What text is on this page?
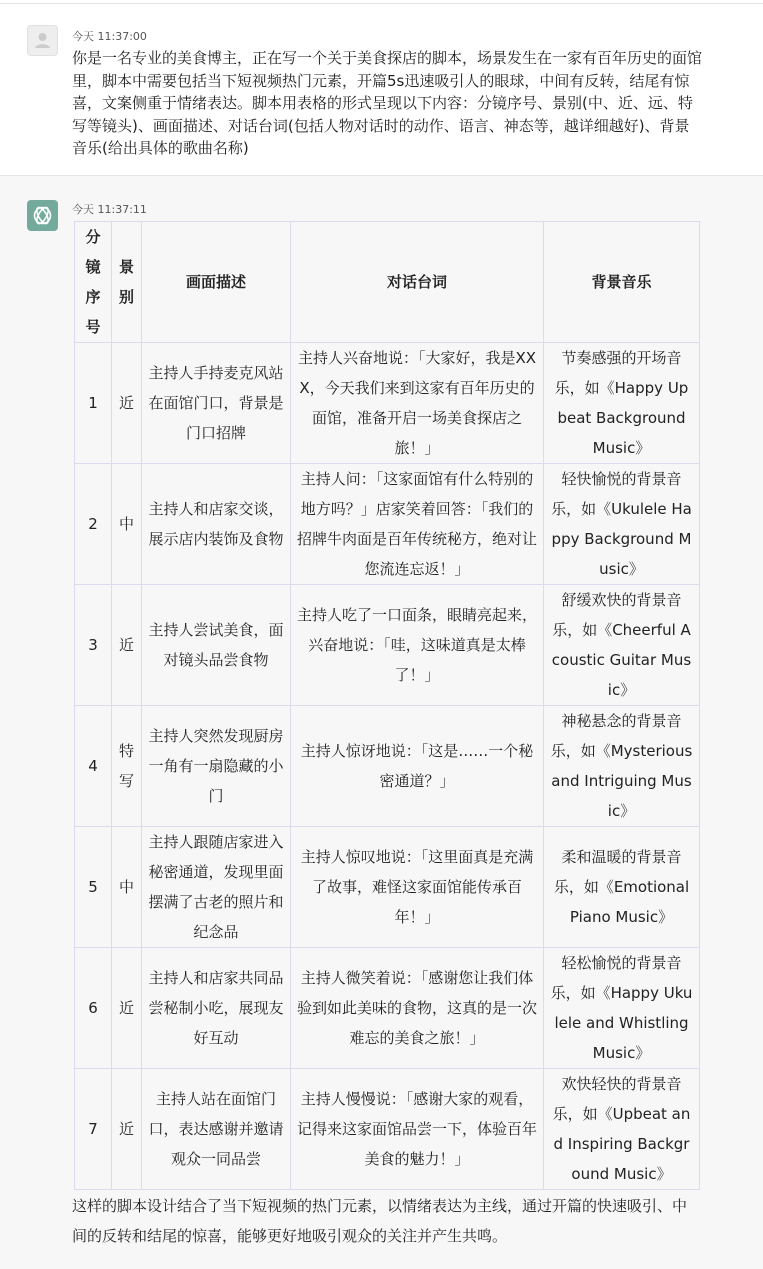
今天 11:37:00
你是一名专业的美食博主，正在写一个关于美食探店的脚本，场景发生在一家有百年历史的面馆里，脚本中需要包括当下短视频热门元素，开篇5s迅速吸引人的眼球，中间有反转，结尾有惊喜，文案侧重于情绪表达。脚本用表格的形式呈现以下内容：分镜序号、景别(中、近、远、特写等镜头)、画面描述、对话台词(包括人物对话时的动作、语言、神态等，越详细越好)、背景音乐(给出具体的歌曲名称)
今天 11:37:11
分镜序号	景别	画面描述	对话台词	背景音乐
1	近	主持人手持麦克风站在面馆门口，背景是门口招牌	主持人兴奋地说：「大家好，我是XXX，今天我们来到这家有百年历史的面馆，准备开启一场美食探店之旅！」	节奏感强的开场音乐，如《Happy Upbeat Background Music》
2	中	主持人和店家交谈，展示店内装饰及食物	主持人问：「这家面馆有什么特别的地方吗？」店家笑着回答：「我们的招牌牛肉面是百年传统秘方，绝对让您流连忘返！」	轻快愉悦的背景音乐，如《Ukulele Happy Background Music》
3	近	主持人尝试美食，面对镜头品尝食物	主持人吃了一口面条，眼睛亮起来，兴奋地说：「哇，这味道真是太棒了！」	舒缓欢快的背景音乐，如《Cheerful Acoustic Guitar Music》
4	特写	主持人突然发现厨房一角有一扇隐藏的小门	主持人惊讶地说：「这是……一个秘密通道？」	神秘悬念的背景音乐，如《Mysterious and Intriguing Music》
5	中	主持人跟随店家进入秘密通道，发现里面摆满了古老的照片和纪念品	主持人惊叹地说：「这里面真是充满了故事，难怪这家面馆能传承百年！」	柔和温暖的背景音乐，如《Emotional Piano Music》
6	近	主持人和店家共同品尝秘制小吃，展现友好互动	主持人微笑着说：「感谢您让我们体验到如此美味的食物，这真的是一次难忘的美食之旅！」	轻松愉悦的背景音乐，如《Happy Ukulele and Whistling Music》
7	近	主持人站在面馆门口，表达感谢并邀请观众一同品尝	主持人慢慢说：「感谢大家的观看，记得来这家面馆品尝一下，体验百年美食的魅力！」	欢快轻快的背景音乐，如《Upbeat and Inspiring Background Music》
这样的脚本设计结合了当下短视频的热门元素，以情绪表达为主线，通过开篇的快速吸引、中间的反转和结尾的惊喜，能够更好地吸引观众的关注并产生共鸣。
